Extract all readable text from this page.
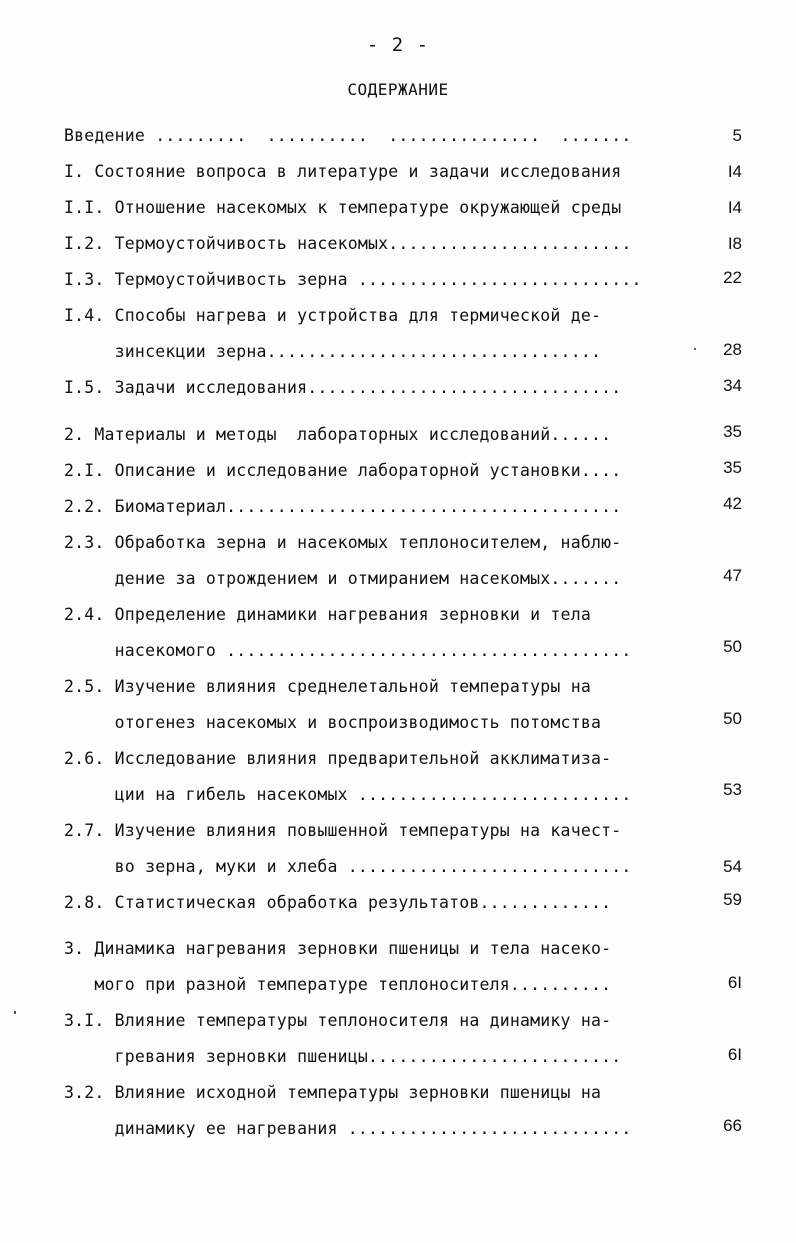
- 2 -
СОДЕРЖАНИЕ
Введение .........  ..........  ...............  .......	5
I. Состояние вопроса в литературе и задачи исследования	I4
I.I. Отношение насекомых к температуре окружающей среды	I4
I.2. Термоустойчивость насекомых........................	I8
I.3. Термоустойчивость зерна ............................	22
I.4. Способы нагрева и устройства для термической де-
зинсекции зерна.................................	28
I.5. Задачи исследования...............................	34
2. Материалы и методы  лабораторных исследований......	35
2.I. Описание и исследование лабораторной установки....	35
2.2. Биоматериал.......................................	42
2.3. Обработка зерна и насекомых теплоносителем, наблю-
дение за отрождением и отмиранием насекомых.......	47
2.4. Определение динамики нагревания зерновки и тела
насекомого ........................................	50
2.5. Изучение влияния среднелетальной температуры на
отогенез насекомых и воспроизводимость потомства	50
2.6. Исследование влияния предварительной акклиматиза-
ции на гибель насекомых ...........................	53
2.7. Изучение влияния повышенной температуры на качест-
во зерна, муки и хлеба ............................	54
2.8. Статистическая обработка результатов.............	59
3. Динамика нагревания зерновки пшеницы и тела насеко-
мого при разной температуре теплоносителя..........	6I
3.I. Влияние температуры теплоносителя на динамику на-
гревания зерновки пшеницы.........................	6I
3.2. Влияние исходной температуры зерновки пшеницы на
динамику ее нагревания ............................	66
